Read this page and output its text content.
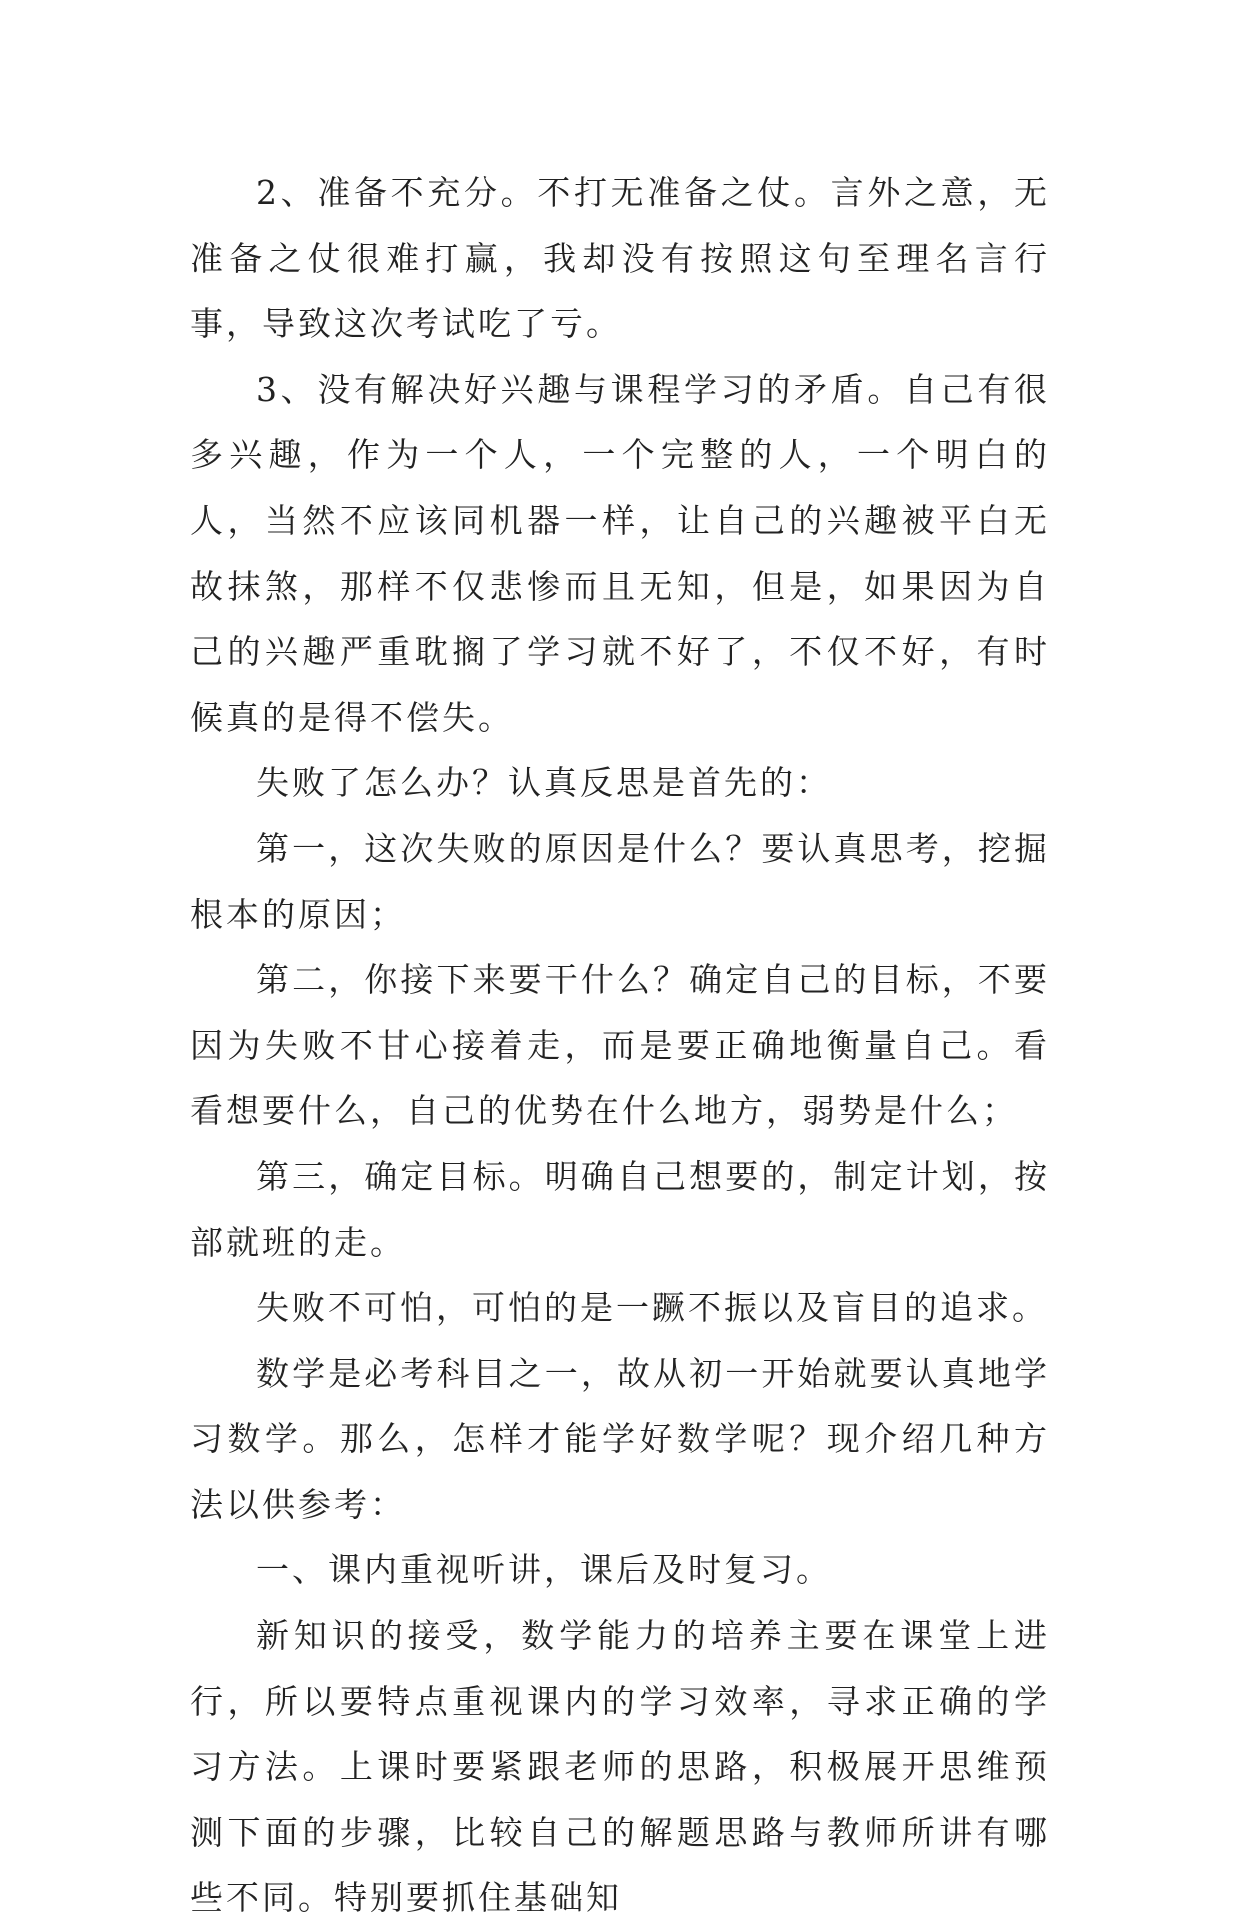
2、准备不充分。不打无准备之仗。言外之意，无准备之仗很难打赢，我却没有按照这句至理名言行事，导致这次考试吃了亏。

3、没有解决好兴趣与课程学习的矛盾。自己有很多兴趣，作为一个人，一个完整的人，一个明白的人，当然不应该同机器一样，让自己的兴趣被平白无故抹煞，那样不仅悲惨而且无知，但是，如果因为自己的兴趣严重耽搁了学习就不好了，不仅不好，有时候真的是得不偿失。

失败了怎么办？认真反思是首先的：

第一，这次失败的原因是什么？要认真思考，挖掘根本的原因；

第二，你接下来要干什么？确定自己的目标，不要因为失败不甘心接着走，而是要正确地衡量自己。看看想要什么，自己的优势在什么地方，弱势是什么；

第三，确定目标。明确自己想要的，制定计划，按部就班的走。

失败不可怕，可怕的是一蹶不振以及盲目的追求。

数学是必考科目之一，故从初一开始就要认真地学习数学。那么，怎样才能学好数学呢？现介绍几种方法以供参考：

一、课内重视听讲，课后及时复习。

新知识的接受，数学能力的培养主要在课堂上进行，所以要特点重视课内的学习效率，寻求正确的学习方法。上课时要紧跟老师的思路，积极展开思维预测下面的步骤，比较自己的解题思路与教师所讲有哪些不同。特别要抓住基础知
